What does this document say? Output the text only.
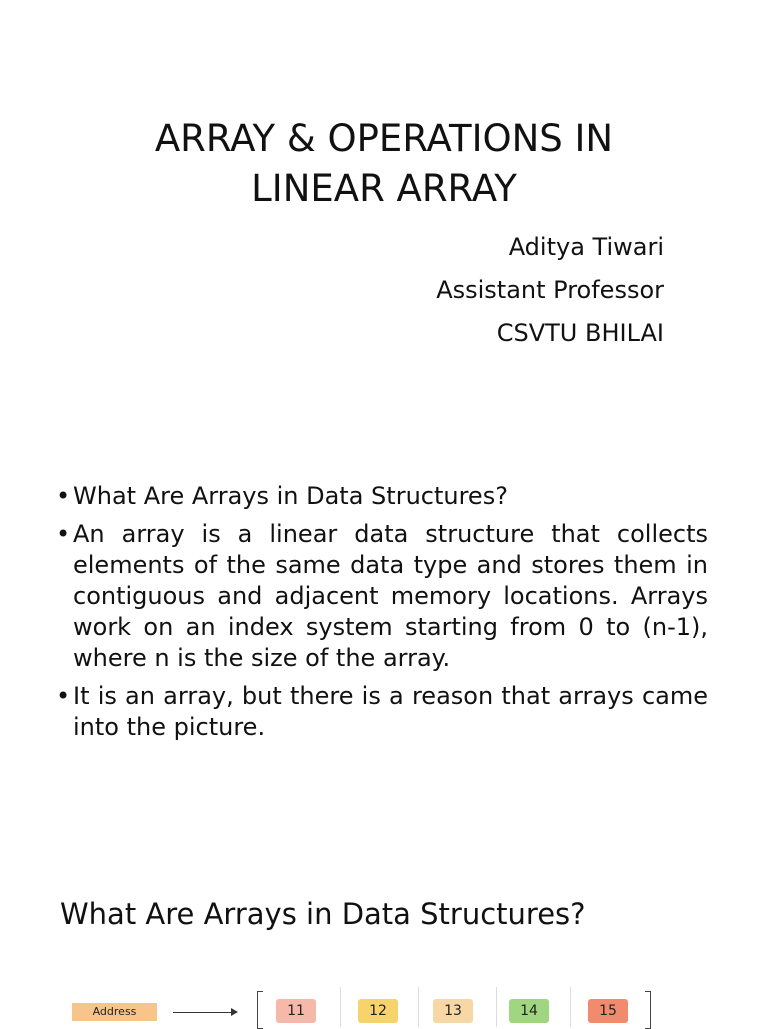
ARRAY & OPERATIONS IN
LINEAR ARRAY
Aditya Tiwari
Assistant Professor
CSVTU BHILAI
• What Are Arrays in Data Structures?
• An array is a linear data structure that collects elements of the same data type and stores them in contiguous and adjacent memory locations. Arrays work on an index system starting from 0 to (n-1), where n is the size of the array.
• It is an array, but there is a reason that arrays came into the picture.
What Are Arrays in Data Structures?
Address	11	12	13	14	15
